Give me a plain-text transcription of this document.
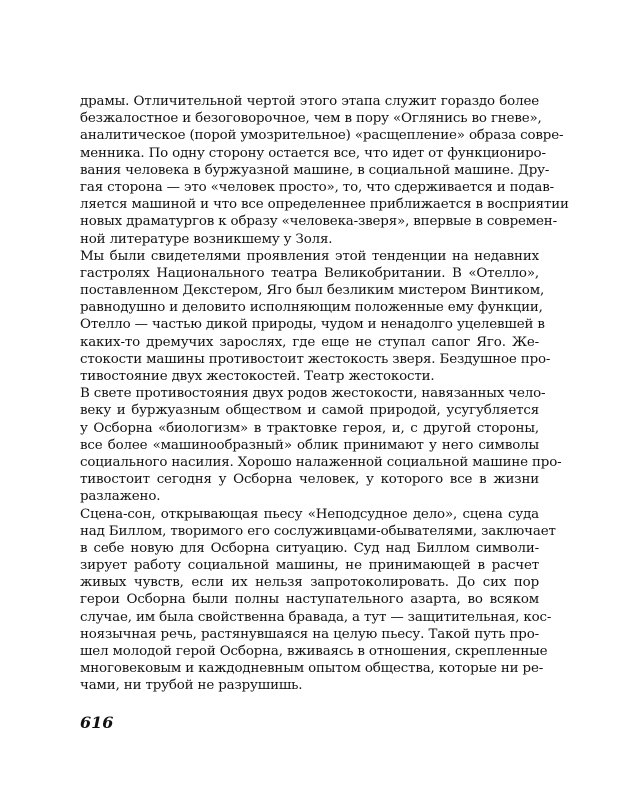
драмы. Отличительной чертой этого этапа служит гораздо более
безжалостное и безоговорочное, чем в пору «Оглянись во гневе»,
аналитическое (порой умозрительное) «расщепление» образа совре-
менника. По одну сторону остается все, что идет от функциониро-
вания человека в буржуазной машине, в социальной машине. Дру-
гая сторона — это «человек просто», то, что сдерживается и подав-
ляется машиной и что все определеннее приближается в восприятии
новых драматургов к образу «человека-зверя», впервые в современ-
ной литературе возникшему у Золя.
Мы были свидетелями проявления этой тенденции на недавних
гастролях Национального театра Великобритании. В «Отелло»,
поставленном Декстером, Яго был безликим мистером Винтиком,
равнодушно и деловито исполняющим положенные ему функции,
Отелло — частью дикой природы, чудом и ненадолго уцелевшей в
каких-то дремучих зарослях, где еще не ступал сапог Яго. Же-
стокости машины противостоит жестокость зверя. Бездушное про-
тивостояние двух жестокостей. Театр жестокости.
В свете противостояния двух родов жестокости, навязанных чело-
веку и буржуазным обществом и самой природой, усугубляется
у Осборна «биологизм» в трактовке героя, и, с другой стороны,
все более «машинообразный» облик принимают у него символы
социального насилия. Хорошо налаженной социальной машине про-
тивостоит сегодня у Осборна человек, у которого все в жизни
разлажено.
Сцена-сон, открывающая пьесу «Неподсудное дело», сцена суда
над Биллом, творимого его сослуживцами-обывателями, заключает
в себе новую для Осборна ситуацию. Суд над Биллом символи-
зирует работу социальной машины, не принимающей в расчет
живых чувств, если их нельзя запротоколировать. До сих пор
герои Осборна были полны наступательного азарта, во всяком
случае, им была свойственна бравада, а тут — защитительная, кос-
ноязычная речь, растянувшаяся на целую пьесу. Такой путь про-
шел молодой герой Осборна, вживаясь в отношения, скрепленные
многовековым и каждодневным опытом общества, которые ни ре-
чами, ни трубой не разрушишь.
616
